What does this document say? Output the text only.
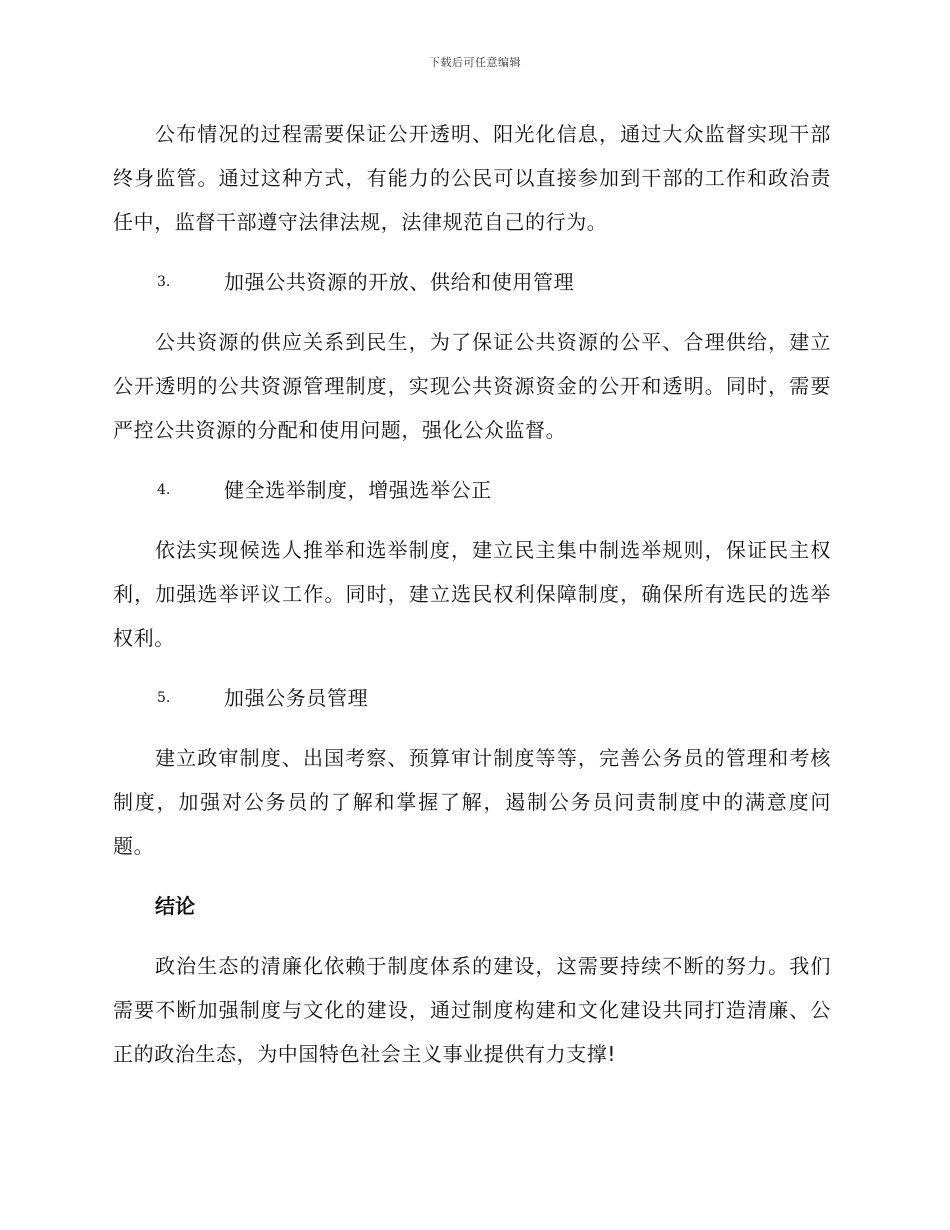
下载后可任意编辑

公布情况的过程需要保证公开透明、阳光化信息，通过大众监督实现干部终身监管。通过这种方式，有能力的公民可以直接参加到干部的工作和政治责任中，监督干部遵守法律法规，法律规范自己的行为。

3.	加强公共资源的开放、供给和使用管理

公共资源的供应关系到民生，为了保证公共资源的公平、合理供给，建立公开透明的公共资源管理制度，实现公共资源资金的公开和透明。同时，需要严控公共资源的分配和使用问题，强化公众监督。

4.	健全选举制度，增强选举公正

依法实现候选人推举和选举制度，建立民主集中制选举规则，保证民主权利，加强选举评议工作。同时，建立选民权利保障制度，确保所有选民的选举权利。

5.	加强公务员管理

建立政审制度、出国考察、预算审计制度等等，完善公务员的管理和考核制度，加强对公务员的了解和掌握了解，遏制公务员问责制度中的满意度问题。

结论

政治生态的清廉化依赖于制度体系的建设，这需要持续不断的努力。我们需要不断加强制度与文化的建设，通过制度构建和文化建设共同打造清廉、公正的政治生态，为中国特色社会主义事业提供有力支撑!
